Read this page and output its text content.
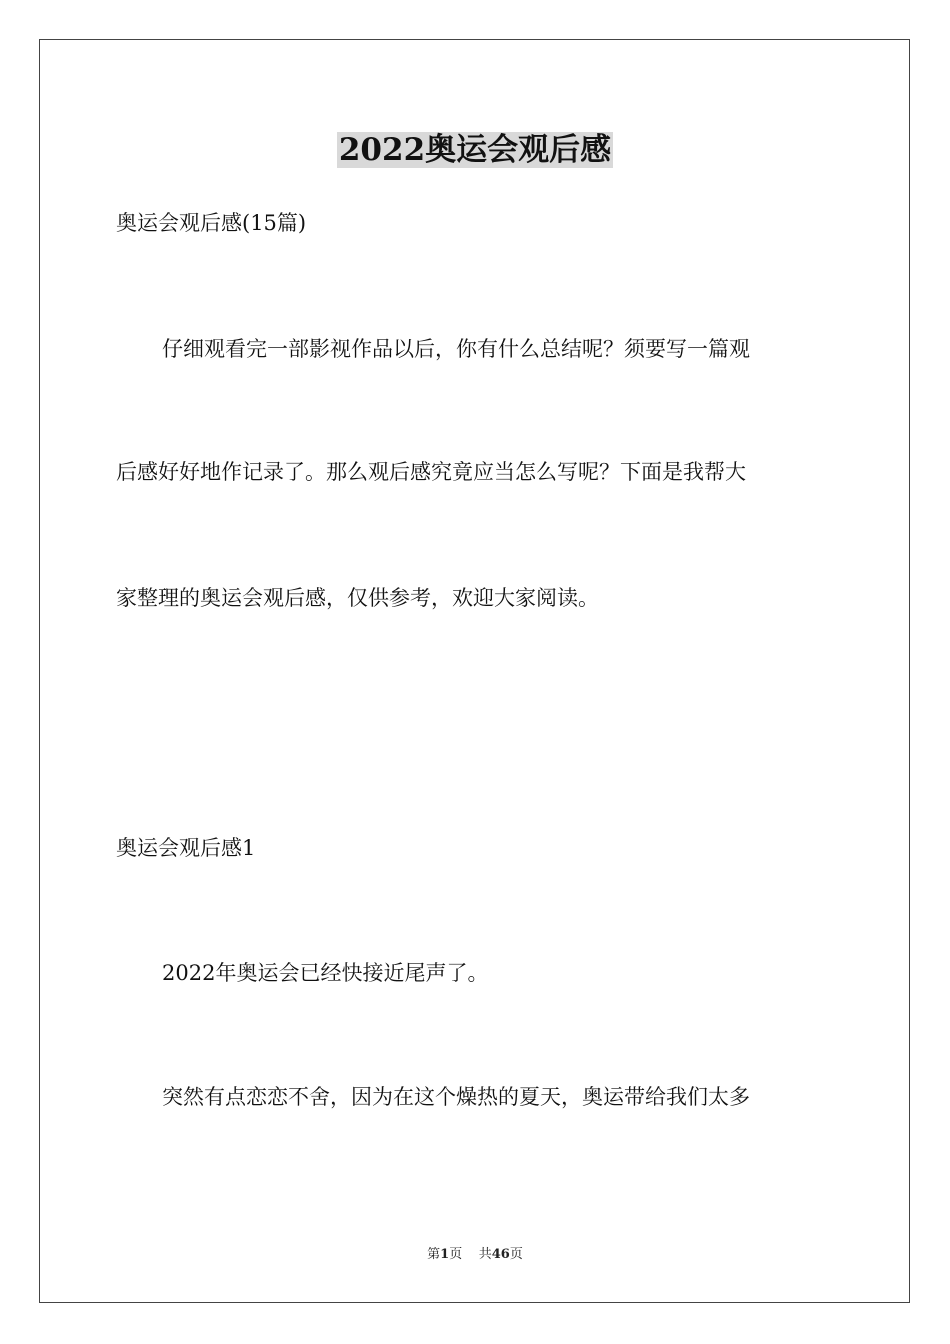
2022奥运会观后感
奥运会观后感(15篇)
仔细观看完一部影视作品以后，你有什么总结呢？须要写一篇观
后感好好地作记录了。那么观后感究竟应当怎么写呢？下面是我帮大
家整理的奥运会观后感，仅供参考，欢迎大家阅读。
奥运会观后感1
2022年奥运会已经快接近尾声了。
突然有点恋恋不舍，因为在这个燥热的夏天，奥运带给我们太多
第1页 共46页
